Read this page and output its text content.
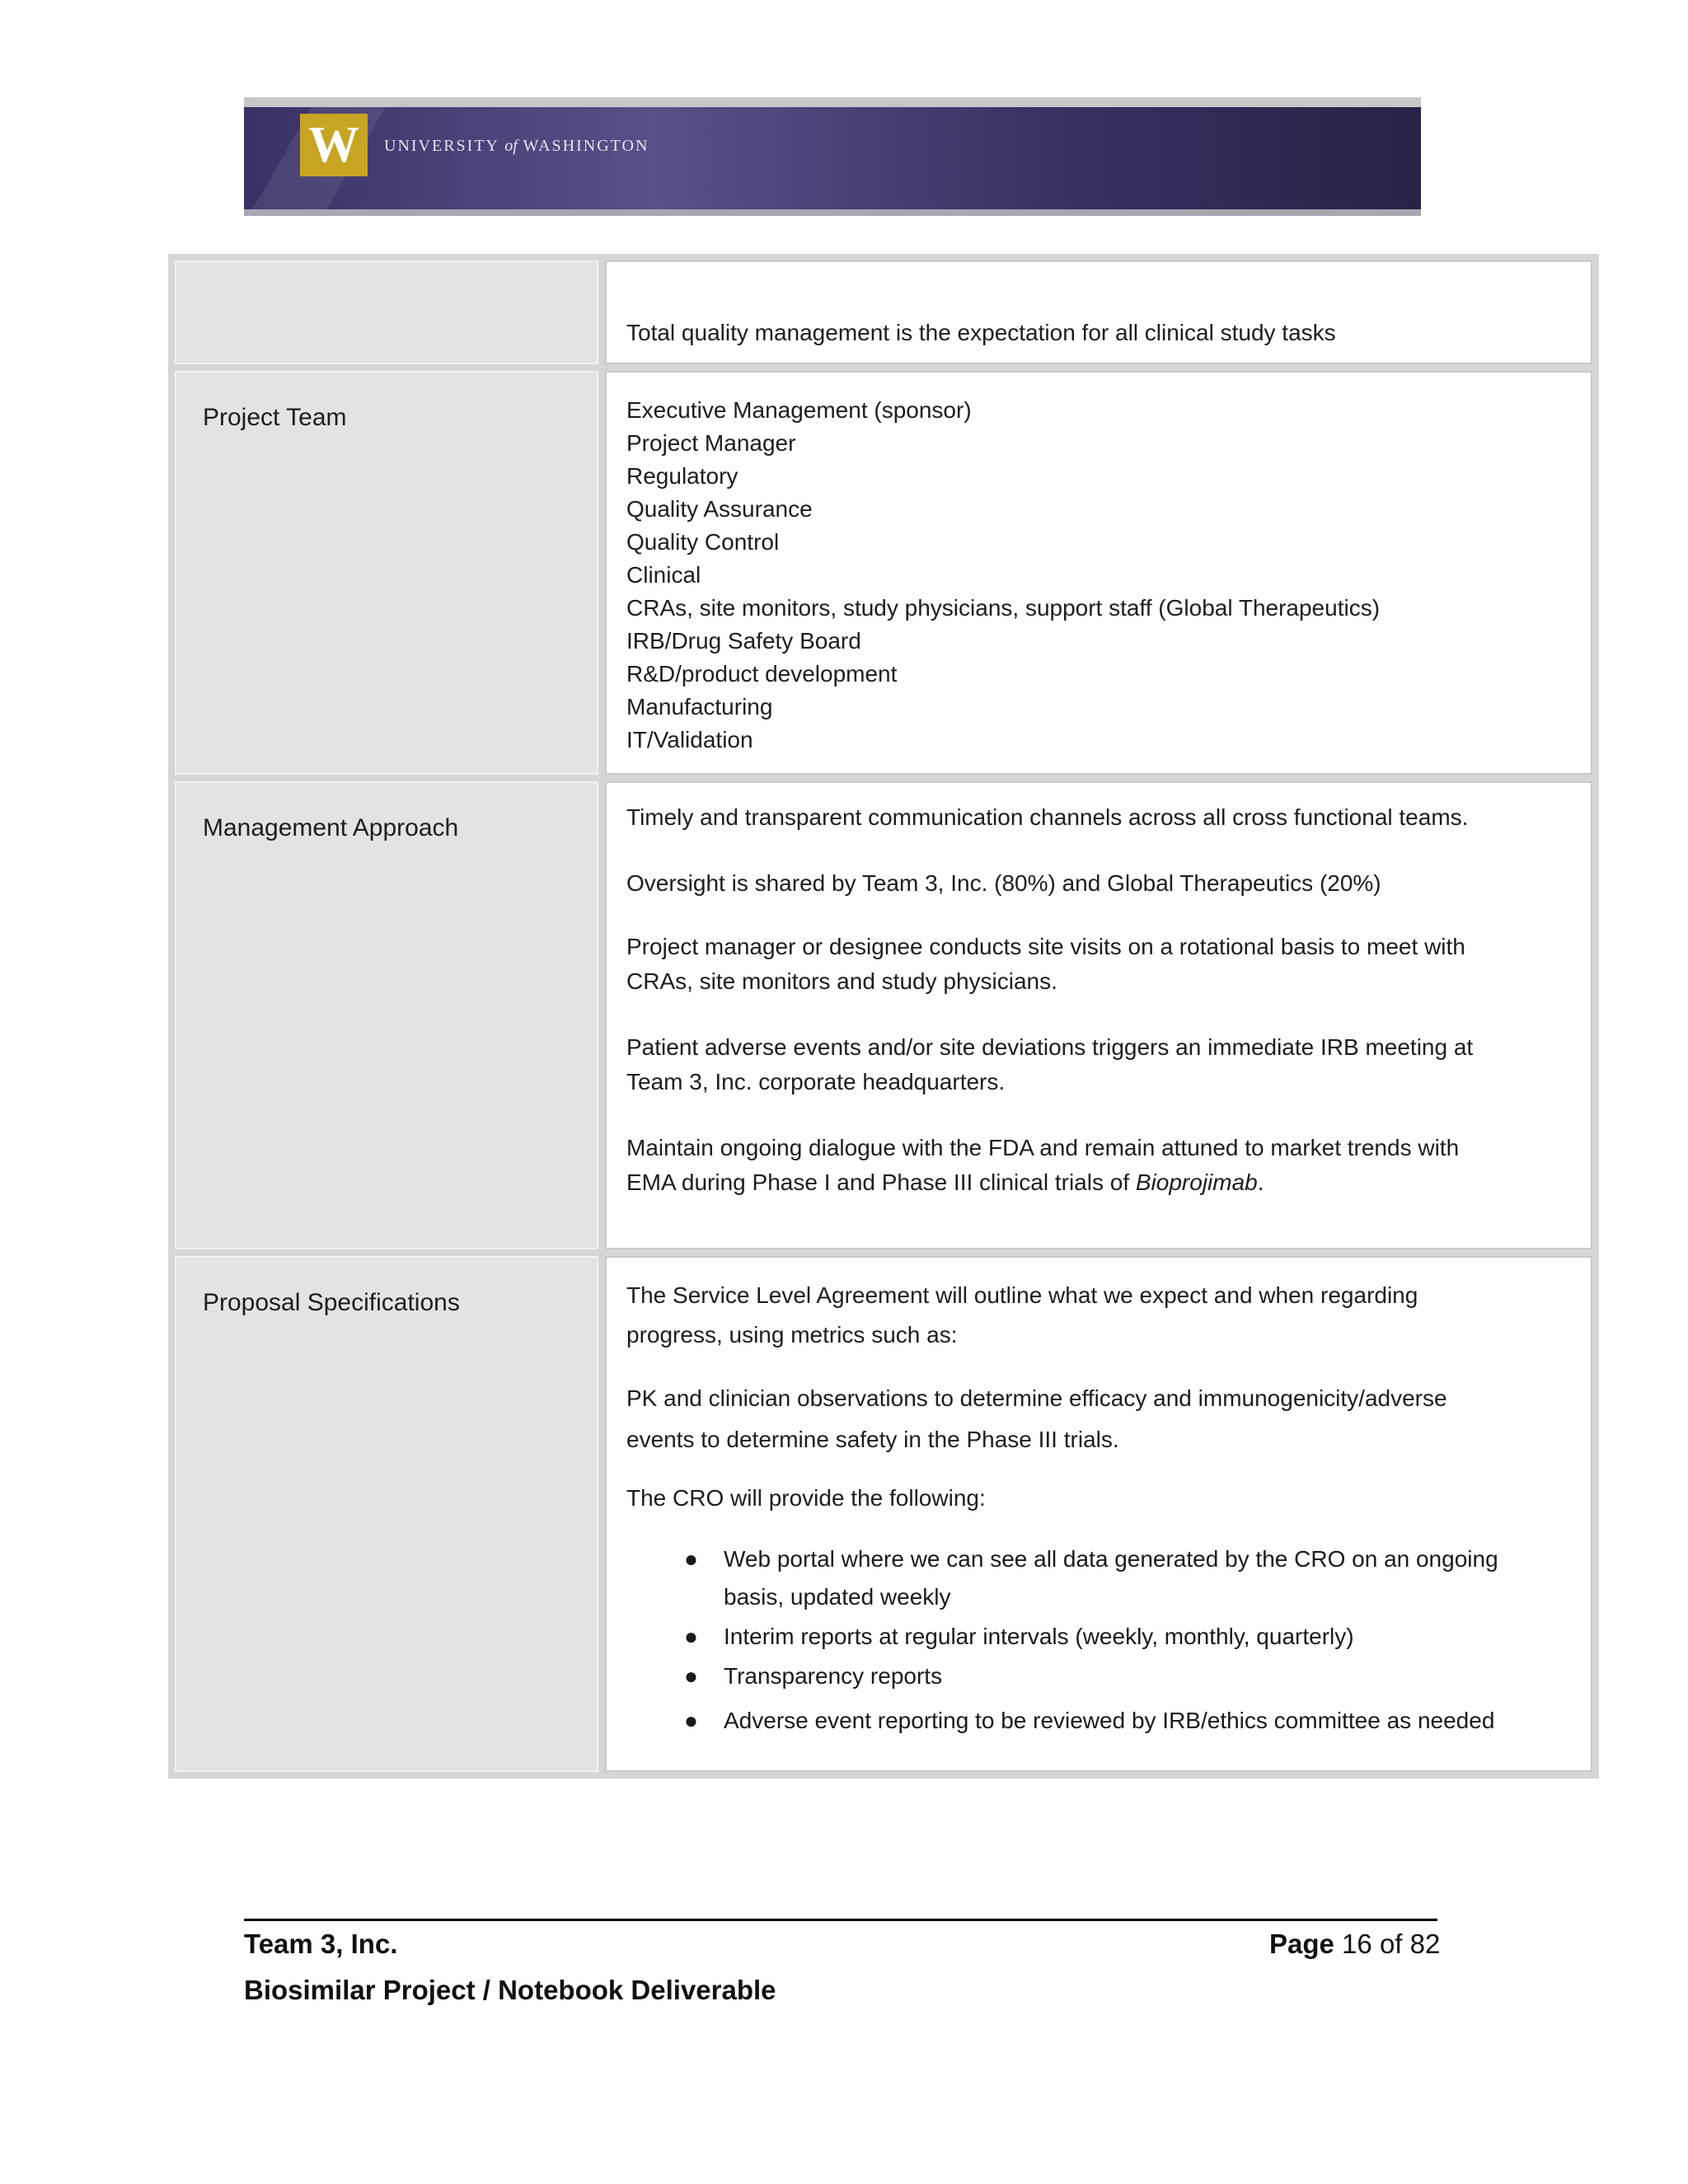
W	UNIVERSITY of WASHINGTON
Total quality management is the expectation for all clinical study tasks
Project Team	Executive Management (sponsor)
Project Manager
Regulatory
Quality Assurance
Quality Control
Clinical
CRAs, site monitors, study physicians, support staff (Global Therapeutics)
IRB/Drug Safety Board
R&D/product development
Manufacturing
IT/Validation
Management Approach	Timely and transparent communication channels across all cross functional teams.
Oversight is shared by Team 3, Inc. (80%) and Global Therapeutics (20%)
Project manager or designee conducts site visits on a rotational basis to meet with
CRAs, site monitors and study physicians.
Patient adverse events and/or site deviations triggers an immediate IRB meeting at
Team 3, Inc. corporate headquarters.
Maintain ongoing dialogue with the FDA and remain attuned to market trends with
EMA during Phase I and Phase III clinical trials of Bioprojimab.
Proposal Specifications	The Service Level Agreement will outline what we expect and when regarding
progress, using metrics such as:
PK and clinician observations to determine efficacy and immunogenicity/adverse
events to determine safety in the Phase III trials.
The CRO will provide the following:
● Web portal where we can see all data generated by the CRO on an ongoing
basis, updated weekly
● Interim reports at regular intervals (weekly, monthly, quarterly)
● Transparency reports
● Adverse event reporting to be reviewed by IRB/ethics committee as needed
Team 3, Inc.
Biosimilar Project / Notebook Deliverable
Page 16 of 82
